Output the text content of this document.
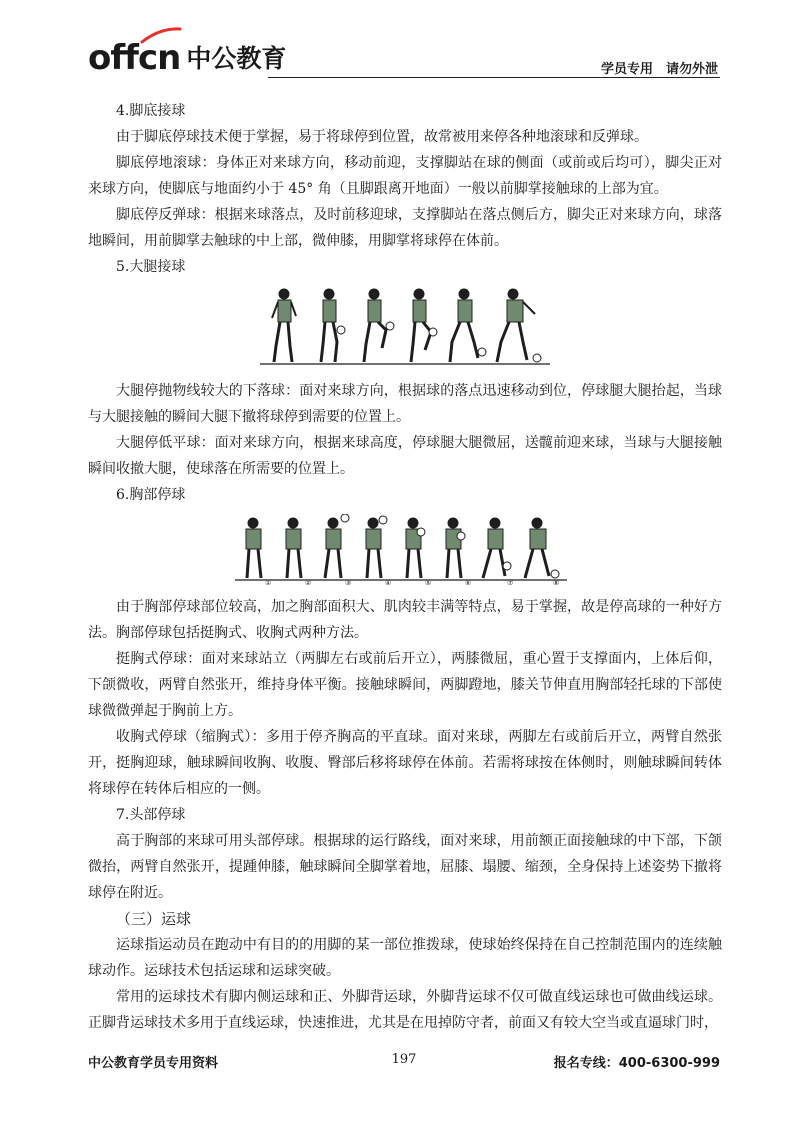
offcn 中公教育	学员专用　请勿外泄

4.脚底接球

由于脚底停球技术便于掌握，易于将球停到位置，故常被用来停各种地滚球和反弹球。

脚底停地滚球：身体正对来球方向，移动前迎，支撑脚站在球的侧面（或前或后均可），脚尖正对来球方向，使脚底与地面约小于 45° 角（且脚跟离开地面）一般以前脚掌接触球的上部为宜。

脚底停反弹球：根据来球落点，及时前移迎球，支撑脚站在落点侧后方，脚尖正对来球方向，球落地瞬间，用前脚掌去触球的中上部，微伸膝，用脚掌将球停在体前。

5.大腿接球

大腿停抛物线较大的下落球：面对来球方向，根据球的落点迅速移动到位，停球腿大腿抬起，当球与大腿接触的瞬间大腿下撤将球停到需要的位置上。

大腿停低平球：面对来球方向，根据来球高度，停球腿大腿微屈，送髋前迎来球，当球与大腿接触瞬间收撤大腿，使球落在所需要的位置上。

6.胸部停球

①	②	③	④	⑤	⑥	⑦	⑧

由于胸部停球部位较高，加之胸部面积大、肌肉较丰满等特点，易于掌握，故是停高球的一种好方法。胸部停球包括挺胸式、收胸式两种方法。

挺胸式停球：面对来球站立（两脚左右或前后开立），两膝微屈，重心置于支撑面内，上体后仰，下颌微收，两臂自然张开，维持身体平衡。接触球瞬间，两脚蹬地，膝关节伸直用胸部轻托球的下部使球微微弹起于胸前上方。

收胸式停球（缩胸式）：多用于停齐胸高的平直球。面对来球，两脚左右或前后开立，两臂自然张开，挺胸迎球，触球瞬间收胸、收腹、臀部后移将球停在体前。若需将球按在体侧时，则触球瞬间转体将球停在转体后相应的一侧。

7.头部停球

高于胸部的来球可用头部停球。根据球的运行路线，面对来球，用前额正面接触球的中下部，下颌微抬，两臂自然张开，提踵伸膝，触球瞬间全脚掌着地，屈膝、塌腰、缩颈，全身保持上述姿势下撤将球停在附近。

（三）运球

运球指运动员在跑动中有目的的用脚的某一部位推拨球，使球始终保持在自己控制范围内的连续触球动作。运球技术包括运球和运球突破。

常用的运球技术有脚内侧运球和正、外脚背运球，外脚背运球不仅可做直线运球也可做曲线运球。正脚背运球技术多用于直线运球，快速推进，尤其是在甩掉防守者，前面又有较大空当或直逼球门时，

中公教育学员专用资料	197	报名专线：400-6300-999
